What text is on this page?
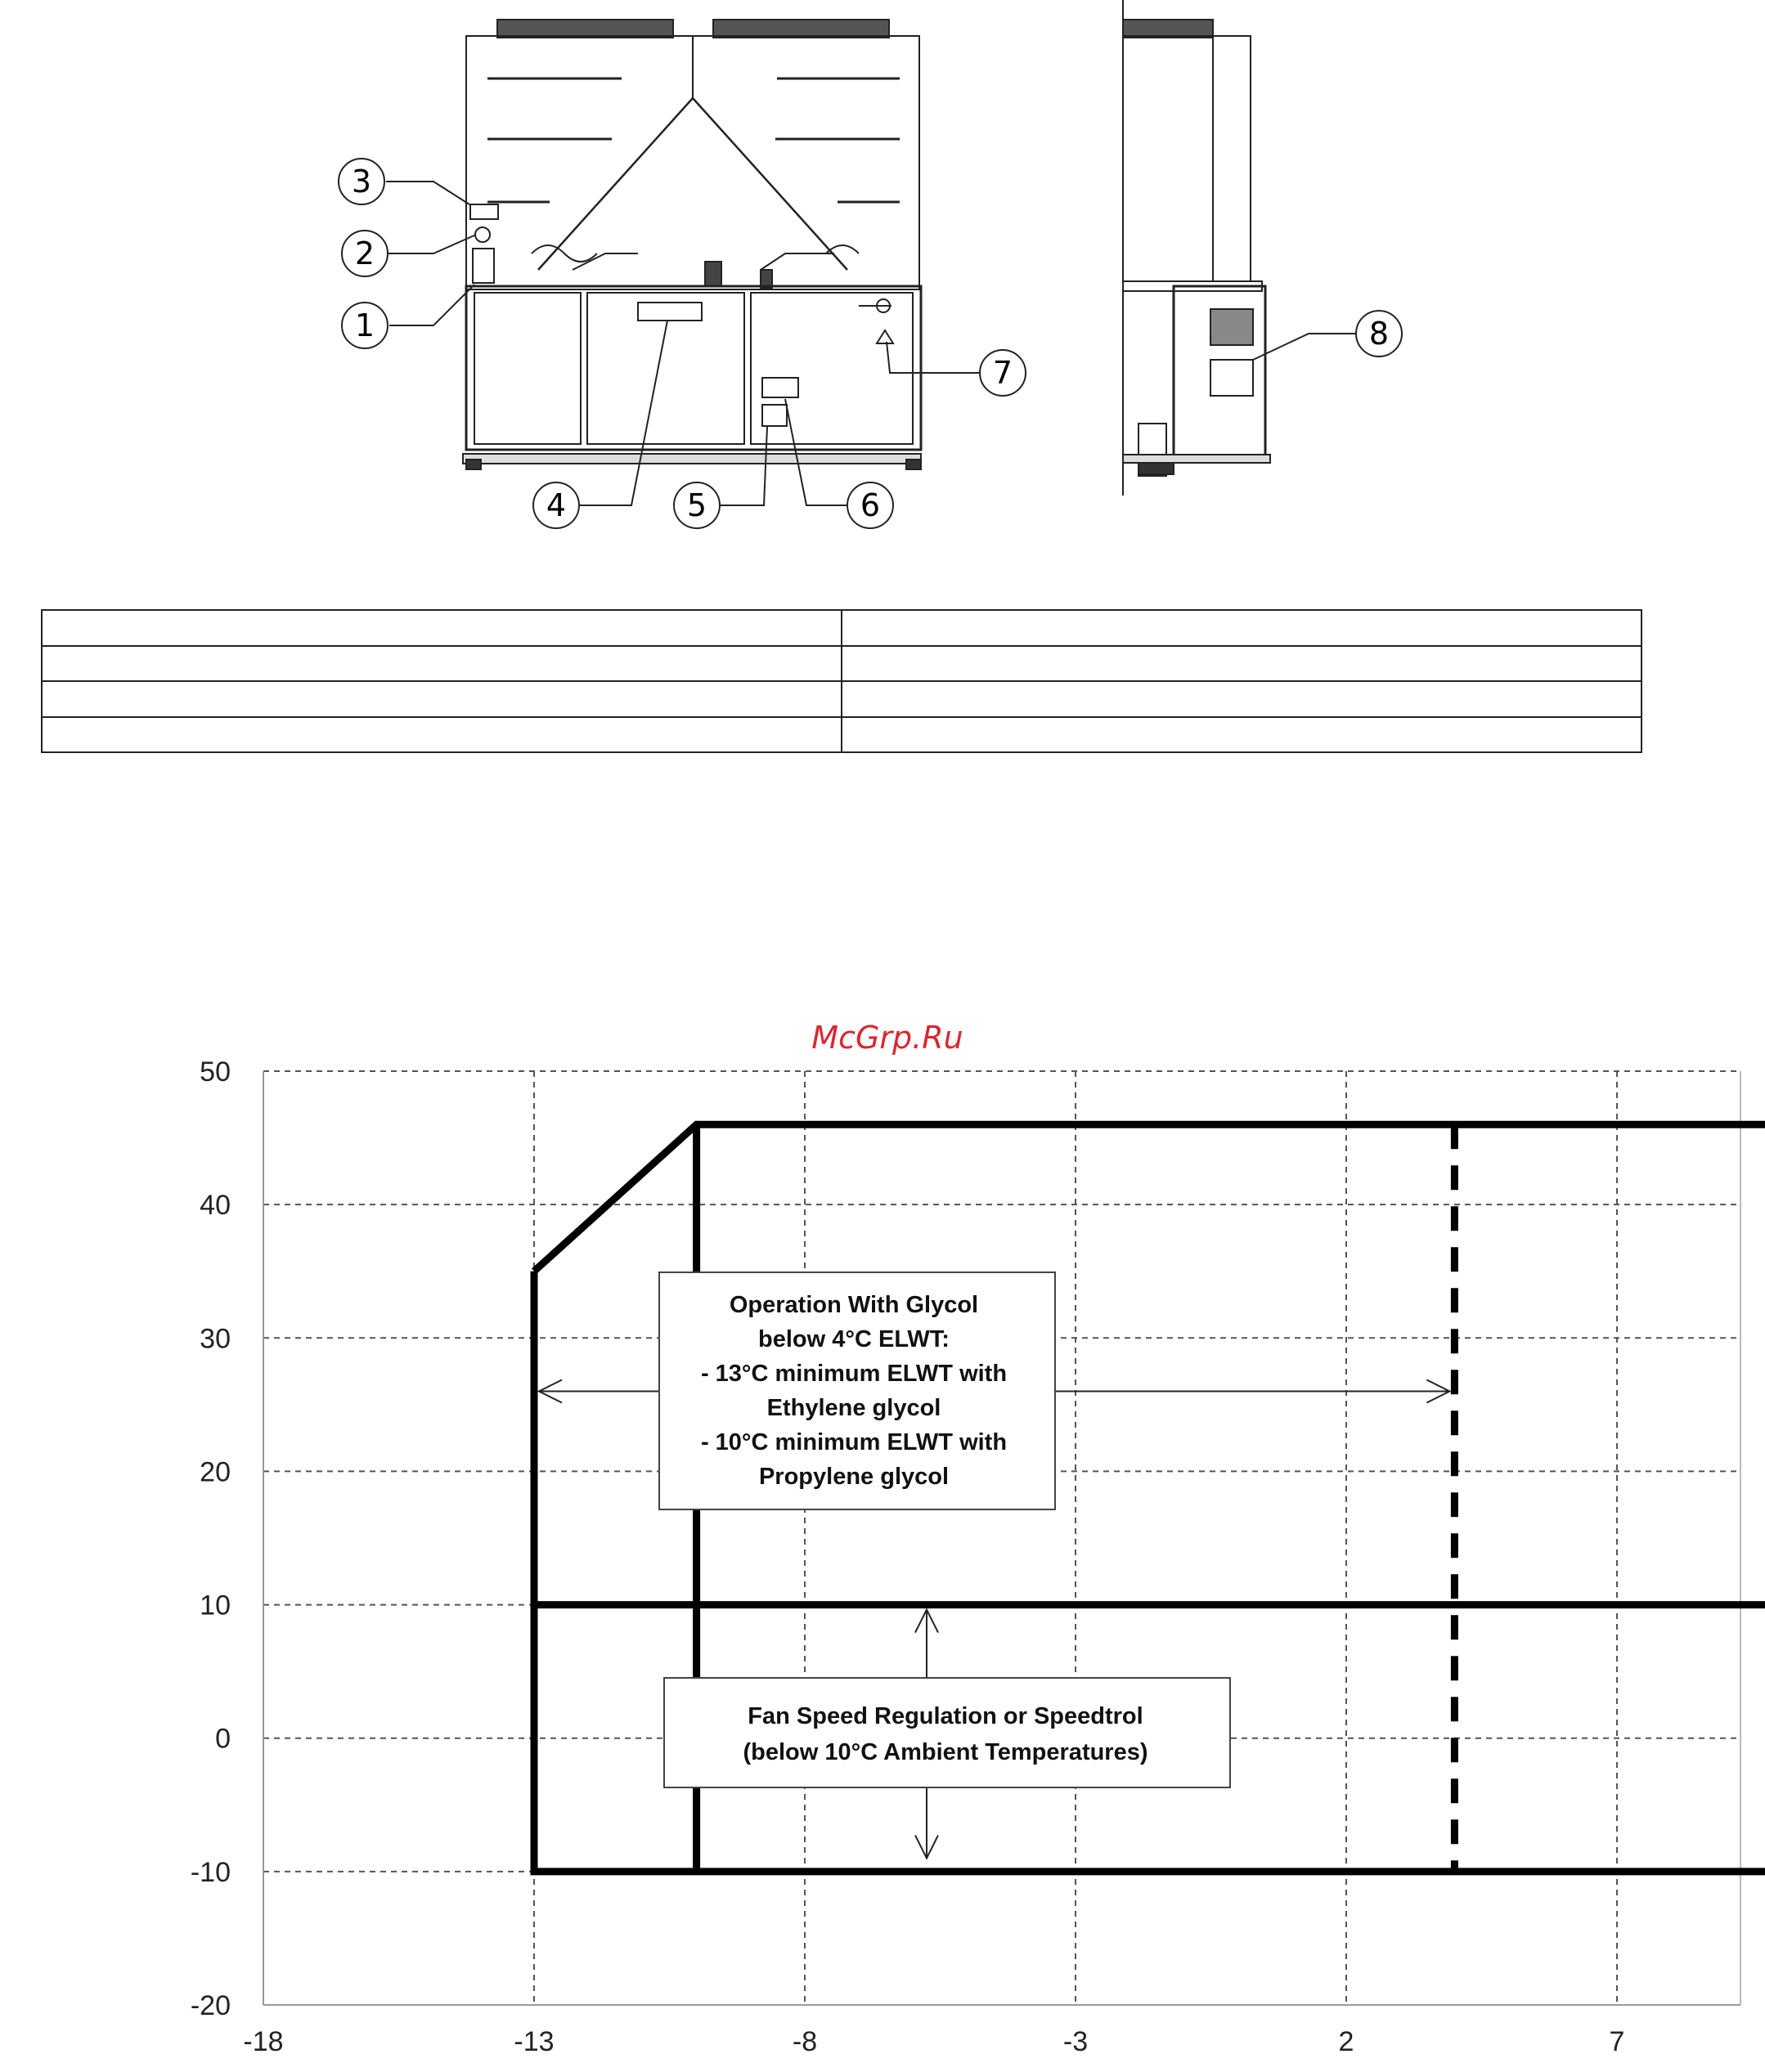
3
2
1
4	5	6
7
8
McGrp.Ru
-20
-10
0
10
20
30
40
50
-18	-13	-8	-3	2	7
Operation With Glycol
below 4°C ELWT:
- 13°C minimum ELWT with
Ethylene glycol
- 10°C minimum ELWT with
Propylene glycol
Fan Speed Regulation or Speedtrol
(below 10°C Ambient Temperatures)
